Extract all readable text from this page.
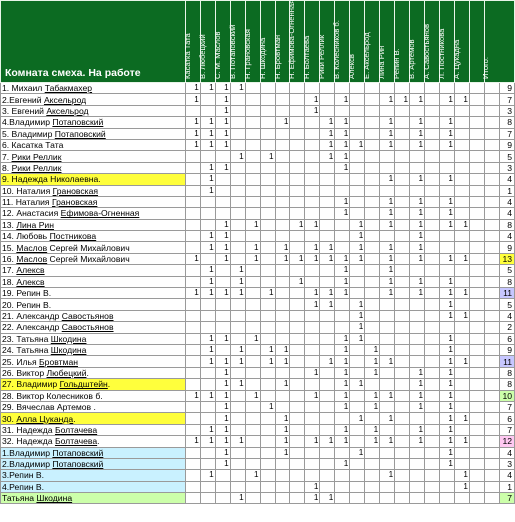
Комната смеха. На работе	Касатка Тата	В. Любецкий	С. М. Маслов	В. Потаповский	Н. Грановская	Н. Шкодина	Н. Бровтман	Н. Ефимова-Огненная	Н. Болтаева	Рики Реллик	В. Колесников б.	Алексв	Е. Аксельрод	Лина Рин	Репин В.	В. Артёмов	А. Савостьянов	Л. Постникова	А. Цукадна		Итого:	

1. Михаил Табакмахер	1	1	1	1																		9
2.Евгений Аксельрод	1		1						1		1			1	1	1		1	1			7
3. Евгений Аксельрод			1						1													3
4.Владимир Потаповский	1	1	1				1			1	1			1		1		1				8
5. Владимир Потаповский	1	1	1							1	1			1		1		1				7
6. Касатка Тата	1	1	1							1	1	1		1		1		1				9
7. Рики Реллик				1		1				1	1											5
8. Рики Реллик		1	1								1											3
9. Надежда Николаевна.		1												1		1		1				4
10. Наталия Грановская		1																				1
11. Наталия Грановская											1			1		1		1				4
12. Анастасия Ефимова-Огненная											1			1		1		1				4
13. Лина Рин			1		1			1	1			1		1		1		1	1			8
14. Любовь Постникова		1	1									1				1						4
15. Маслов Сергей Михайлович		1	1		1		1		1	1		1		1		1						9
16. Маслов Сергей Михайлович	1		1		1		1	1	1	1	1	1		1		1		1	1			13
17. Алексв		1		1							1			1								5
18. Алексв		1		1				1			1			1		1		1				8
19. Репин В.	1	1	1	1		1			1	1	1			1		1		1	1			11
20. Репин В.									1	1		1						1				5
21. Александр Савостьянов												1						1	1			4
22. Александр Савостьянов												1										2
23. Татьяна Шкодина		1	1		1						1	1						1				6
24. Татьяна Шкодина		1		1		1	1				1		1					1				9
25. Илья Бровтман		1	1	1		1	1			1	1		1	1				1	1			11
26. Виктор Любецкий.			1						1		1		1			1		1				8
27. Владимир Гольдштейн.			1	1			1				1	1				1		1				8
28. Виктор Колесников б.	1	1	1		1				1		1		1	1		1		1				10
29. Вячеслав Артемов .			1			1					1		1			1		1				7
30. Алла Цуканда.			1				1					1		1				1	1			6
31. Надежда Болтачева		1	1				1				1		1			1		1				7
32. Надежда Болтачева.	1	1	1	1			1		1	1	1		1	1		1		1	1			12
1.Владимир Потаповский			1				1					1						1				4
2.Владимир Потаповский			1								1							1				3
3.Репин В.		1			1									1					1			4
4.Репин В.									1										1			1
Татьяна Шкодина				1					1	1												7
